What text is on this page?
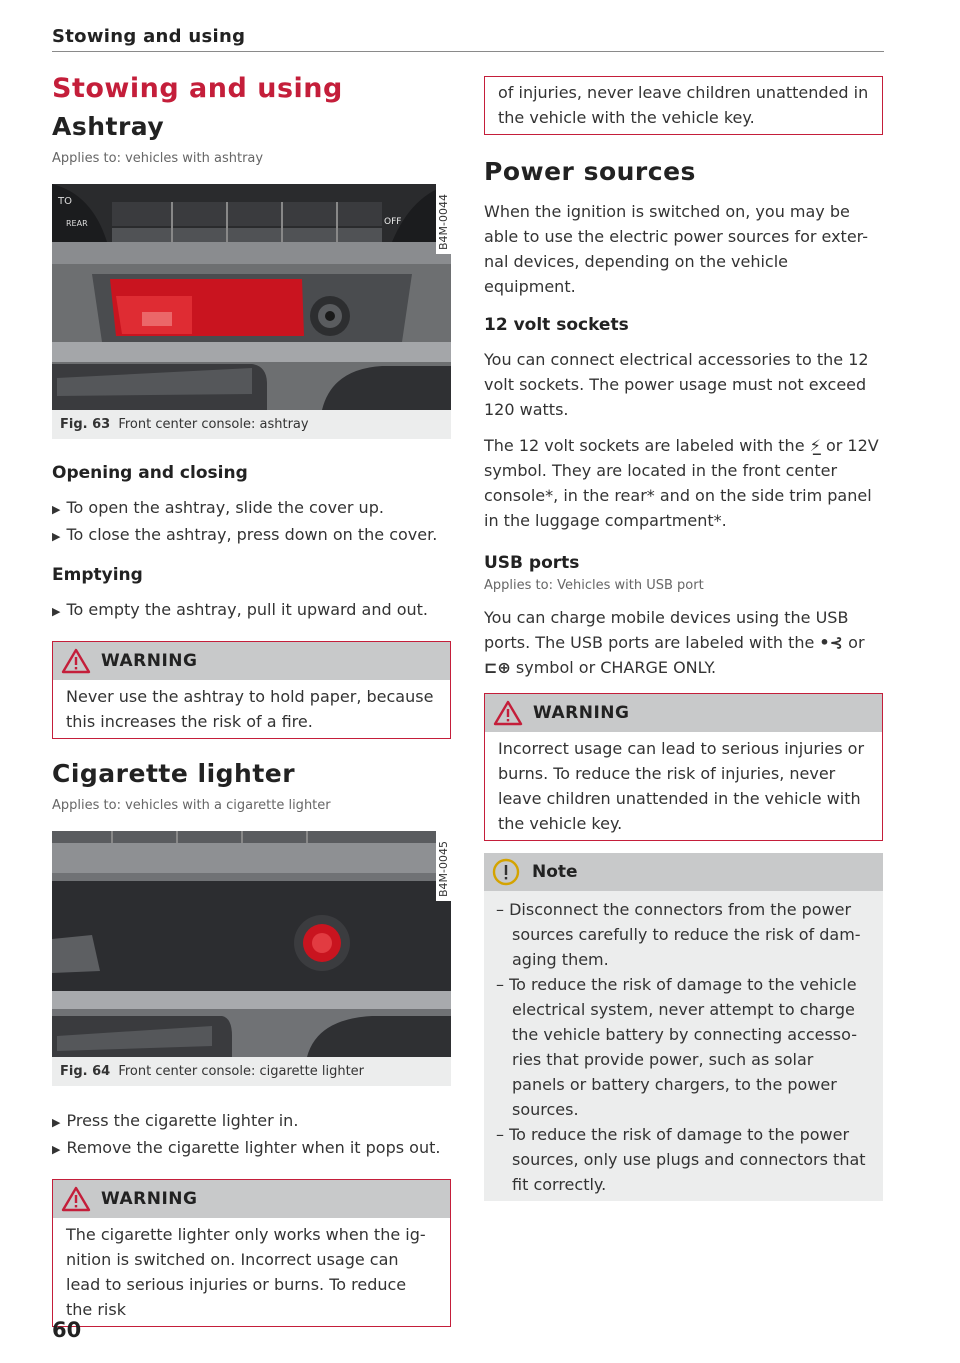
Stowing and using
Stowing and using
Ashtray
Applies to: vehicles with ashtray
TO
REAR	OFF	B4M-0044
Fig. 63 Front center console: ashtray
Opening and closing
▶ To open the ashtray, slide the cover up.
▶ To close the ashtray, press down on the cover.
Emptying
▶ To empty the ashtray, pull it upward and out.
WARNING
Never use the ashtray to hold paper, because this increases the risk of a fire.
Cigarette lighter
Applies to: vehicles with a cigarette lighter
B4M-0045
Fig. 64 Front center console: cigarette lighter
▶ Press the cigarette lighter in.
▶ Remove the cigarette lighter when it pops out.
WARNING
The cigarette lighter only works when the ig-nition is switched on. Incorrect usage can lead to serious injuries or burns. To reduce the risk
of injuries, never leave children unattended in the vehicle with the vehicle key.
Power sources

When the ignition is switched on, you may be able to use the electric power sources for exter-nal devices, depending on the vehicle equipment.

12 volt sockets

You can connect electrical accessories to the 12 volt sockets. The power usage must not exceed 120 watts.

The 12 volt sockets are labeled with the ⚡̲ or 12V symbol. They are located in the front center console*, in the rear* and on the side trim panel in the luggage compartment*.

USB ports
Applies to: Vehicles with USB port

You can charge mobile devices using the USB ports. The USB ports are labeled with the •⊰ or ⊏⊕ symbol or CHARGE ONLY.

WARNING
Incorrect usage can lead to serious injuries or burns. To reduce the risk of injuries, never leave children unattended in the vehicle with the vehicle key.
Note
– Disconnect the connectors from the power sources carefully to reduce the risk of dam-aging them.
– To reduce the risk of damage to the vehicle electrical system, never attempt to charge the vehicle battery by connecting accesso-ries that provide power, such as solar panels or battery chargers, to the power sources.
– To reduce the risk of damage to the power sources, only use plugs and connectors that fit correctly.
60
